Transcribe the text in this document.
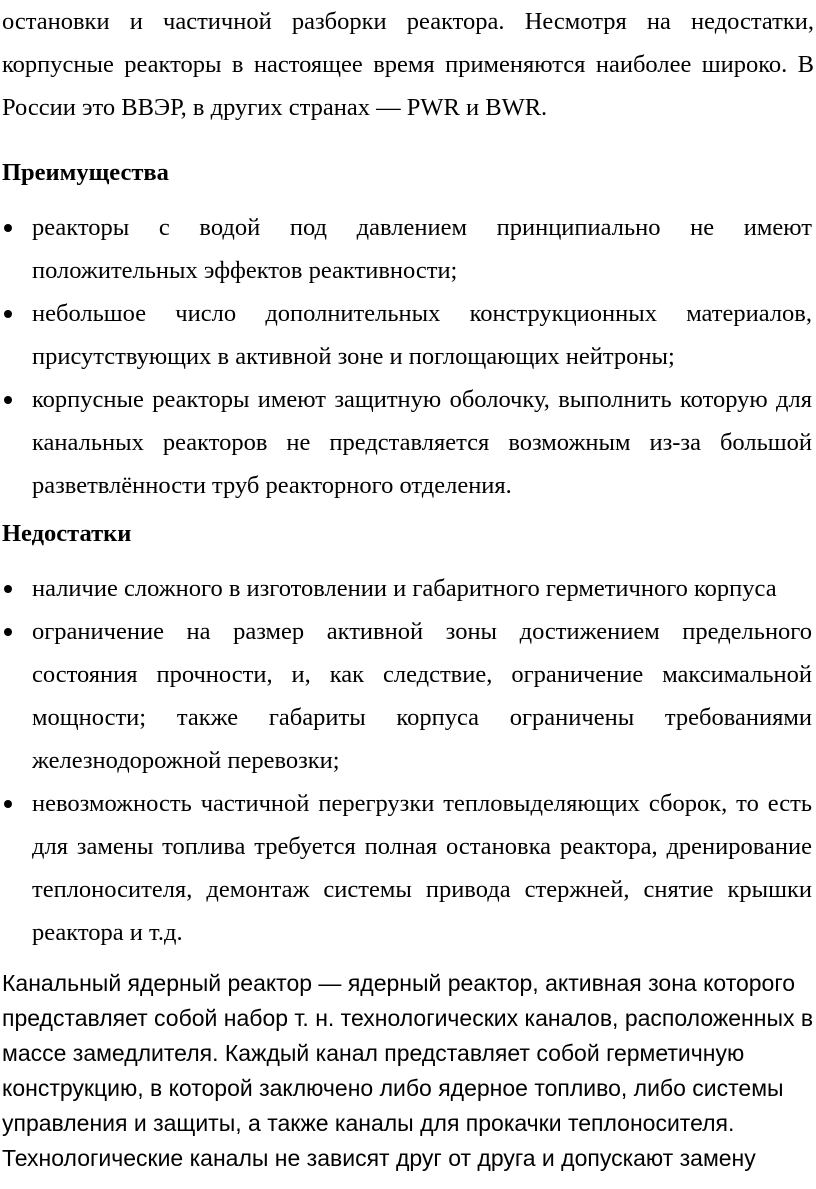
остановки и частичной разборки реактора. Несмотря на недостатки, корпусные реакторы в настоящее время применяются наиболее широко. В России это ВВЭР, в других странах — PWR и BWR.

Преимущества
реакторы с водой под давлением принципиально не имеют положительных эффектов реактивности;
небольшое число дополнительных конструкционных материалов, присутствующих в активной зоне и поглощающих нейтроны;
корпусные реакторы имеют защитную оболочку, выполнить которую для канальных реакторов не представляется возможным из-за большой разветвлённости труб реакторного отделения.
Недостатки
наличие сложного в изготовлении и габаритного герметичного корпуса
ограничение на размер активной зоны достижением предельного состояния прочности, и, как следствие, ограничение максимальной мощности; также габариты корпуса ограничены требованиями железнодорожной перевозки;
невозможность частичной перегрузки тепловыделяющих сборок, то есть для замены топлива требуется полная остановка реактора, дренирование теплоносителя, демонтаж системы привода стержней, снятие крышки реактора и т.д.

Канальный ядерный реактор — ядерный реактор, активная зона которого представляет собой набор т. н. технологических каналов, расположенных в массе замедлителя. Каждый канал представляет собой герметичную конструкцию, в которой заключено либо ядерное топливо, либо системы управления и защиты, а также каналы для прокачки теплоносителя. Технологические каналы не зависят друг от друга и допускают замену
